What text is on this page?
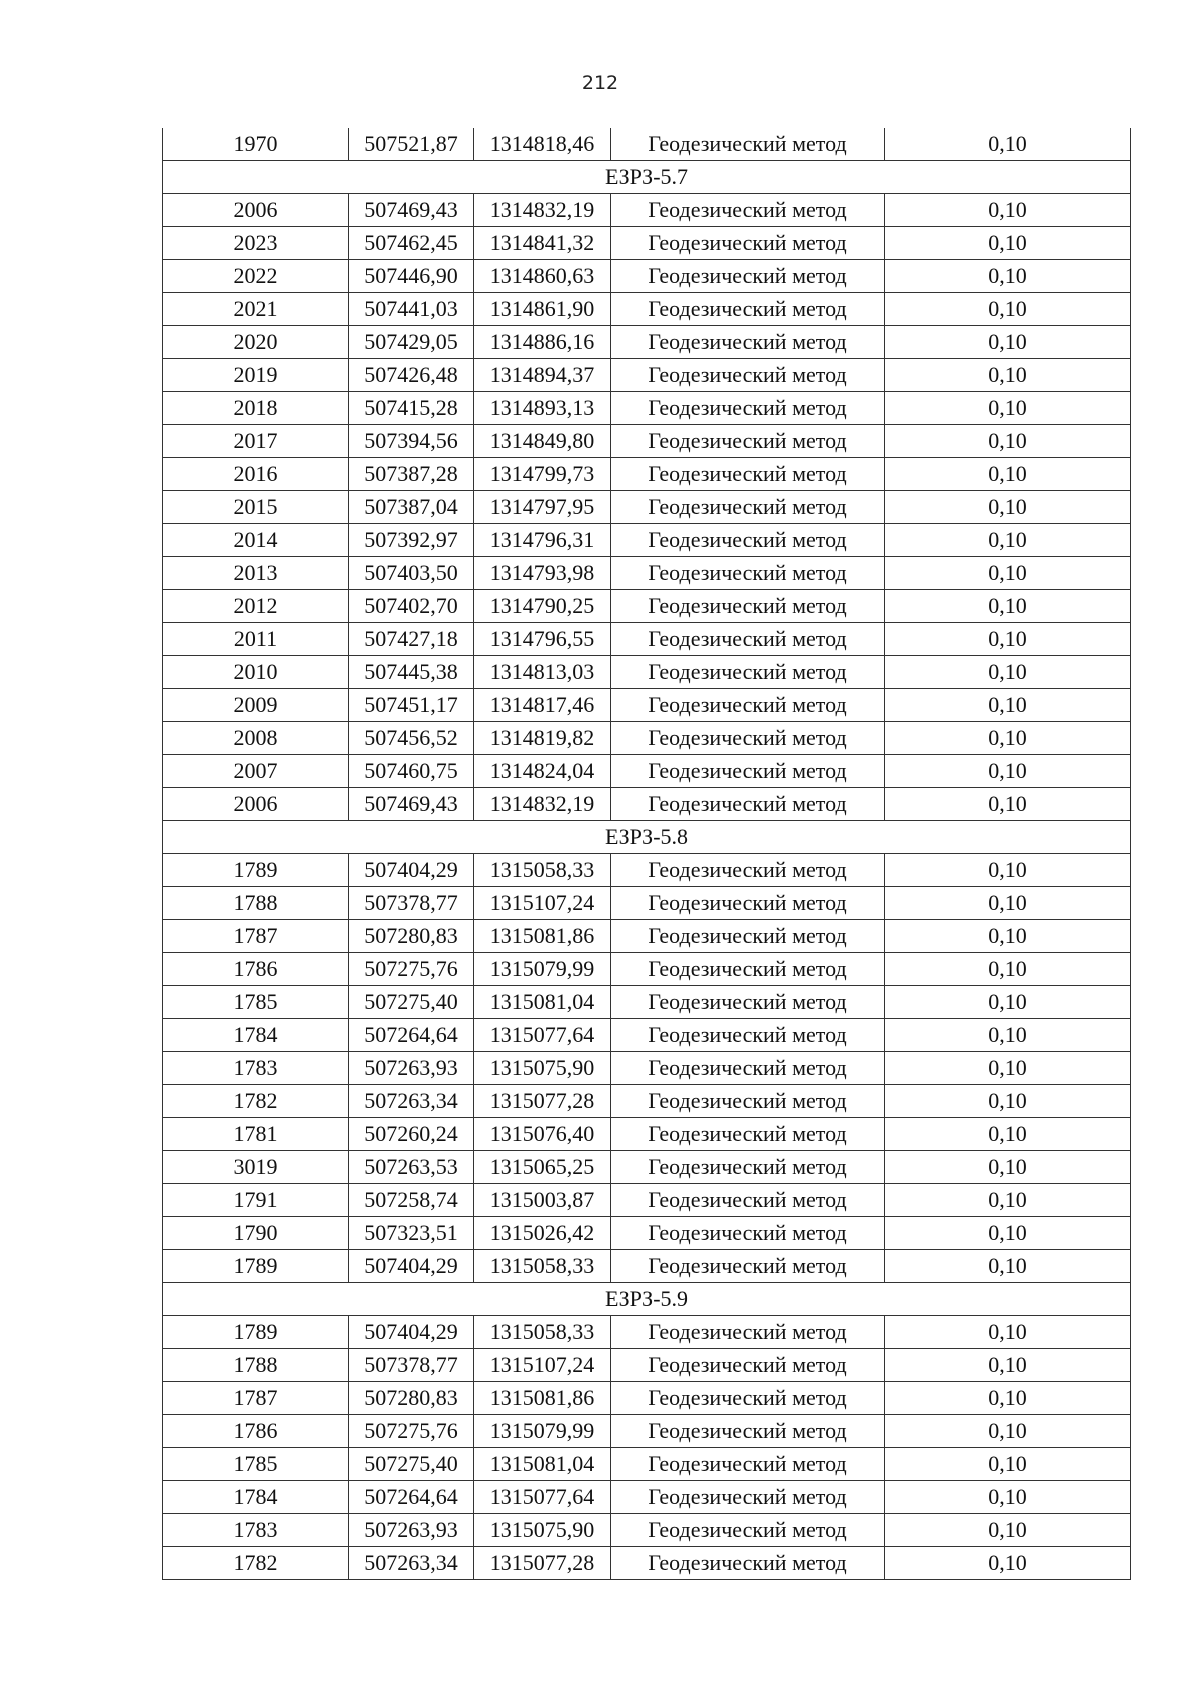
212
1970	507521,87	1314818,46	Геодезический метод	0,10
ЕЗРЗ-5.7				
2006	507469,43	1314832,19	Геодезический метод	0,10
2023	507462,45	1314841,32	Геодезический метод	0,10
2022	507446,90	1314860,63	Геодезический метод	0,10
2021	507441,03	1314861,90	Геодезический метод	0,10
2020	507429,05	1314886,16	Геодезический метод	0,10
2019	507426,48	1314894,37	Геодезический метод	0,10
2018	507415,28	1314893,13	Геодезический метод	0,10
2017	507394,56	1314849,80	Геодезический метод	0,10
2016	507387,28	1314799,73	Геодезический метод	0,10
2015	507387,04	1314797,95	Геодезический метод	0,10
2014	507392,97	1314796,31	Геодезический метод	0,10
2013	507403,50	1314793,98	Геодезический метод	0,10
2012	507402,70	1314790,25	Геодезический метод	0,10
2011	507427,18	1314796,55	Геодезический метод	0,10
2010	507445,38	1314813,03	Геодезический метод	0,10
2009	507451,17	1314817,46	Геодезический метод	0,10
2008	507456,52	1314819,82	Геодезический метод	0,10
2007	507460,75	1314824,04	Геодезический метод	0,10
2006	507469,43	1314832,19	Геодезический метод	0,10
ЕЗРЗ-5.8				
1789	507404,29	1315058,33	Геодезический метод	0,10
1788	507378,77	1315107,24	Геодезический метод	0,10
1787	507280,83	1315081,86	Геодезический метод	0,10
1786	507275,76	1315079,99	Геодезический метод	0,10
1785	507275,40	1315081,04	Геодезический метод	0,10
1784	507264,64	1315077,64	Геодезический метод	0,10
1783	507263,93	1315075,90	Геодезический метод	0,10
1782	507263,34	1315077,28	Геодезический метод	0,10
1781	507260,24	1315076,40	Геодезический метод	0,10
3019	507263,53	1315065,25	Геодезический метод	0,10
1791	507258,74	1315003,87	Геодезический метод	0,10
1790	507323,51	1315026,42	Геодезический метод	0,10
1789	507404,29	1315058,33	Геодезический метод	0,10
ЕЗРЗ-5.9				
1789	507404,29	1315058,33	Геодезический метод	0,10
1788	507378,77	1315107,24	Геодезический метод	0,10
1787	507280,83	1315081,86	Геодезический метод	0,10
1786	507275,76	1315079,99	Геодезический метод	0,10
1785	507275,40	1315081,04	Геодезический метод	0,10
1784	507264,64	1315077,64	Геодезический метод	0,10
1783	507263,93	1315075,90	Геодезический метод	0,10
1782	507263,34	1315077,28	Геодезический метод	0,10
